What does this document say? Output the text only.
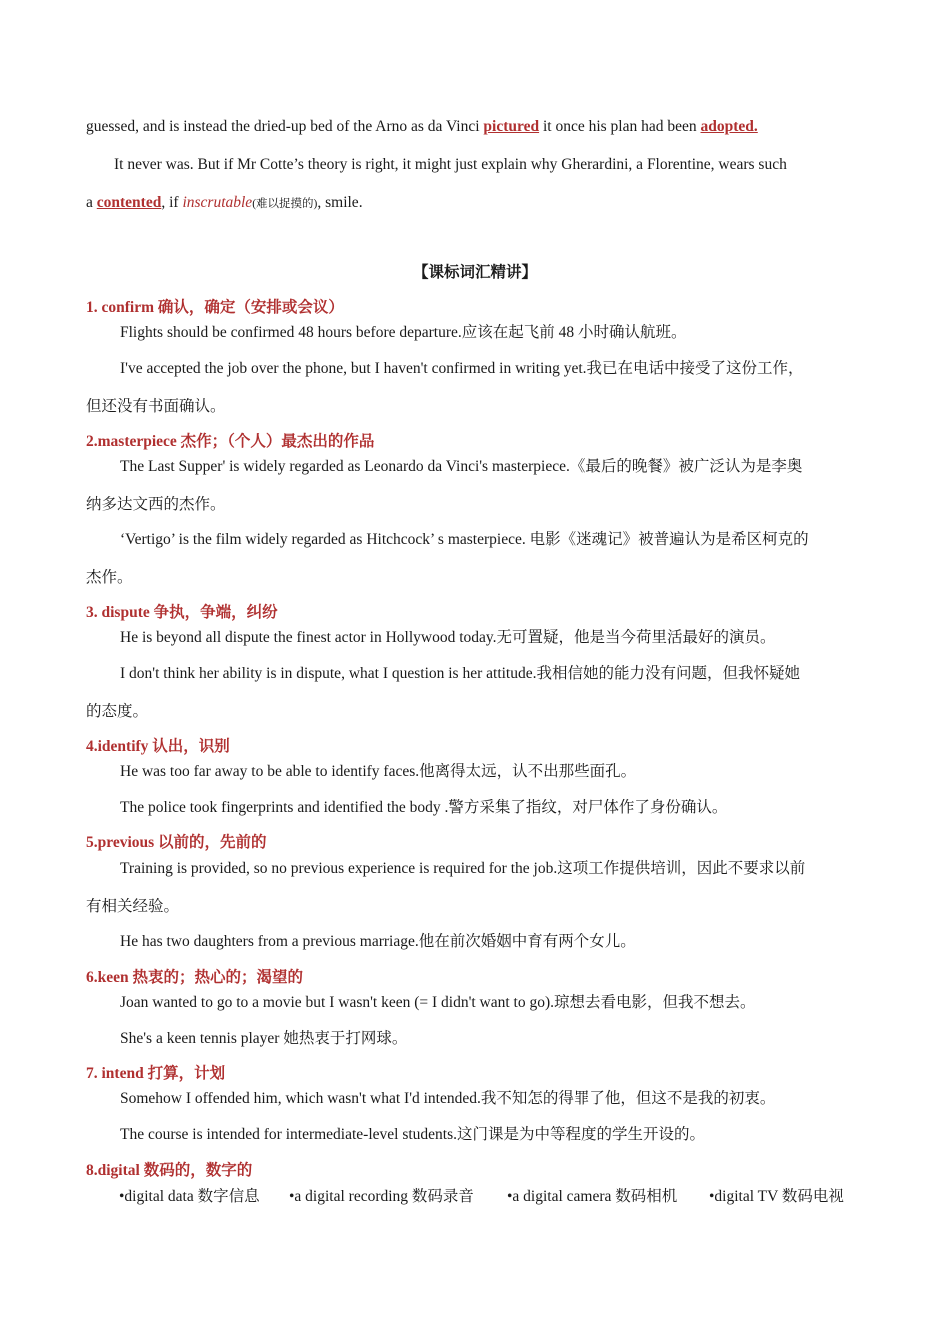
guessed, and is instead the dried-up bed of the Arno as da Vinci pictured it once his plan had been adopted.

It never was. But if Mr Cotte’s theory is right, it might just explain why Gherardini, a Florentine, wears such

a contented, if inscrutable(难以捉摸的), smile.

【课标词汇精讲】
1. confirm 确认，确定（安排或会议）
Flights should be confirmed 48 hours before departure.应该在起飞前 48 小时确认航班。
I've accepted the job over the phone, but I haven't confirmed in writing yet.我已在电话中接受了这份工作，
但还没有书面确认。
2.masterpiece 杰作；（个人）最杰出的作品
The Last Supper' is widely regarded as Leonardo da Vinci's masterpiece.《最后的晚餐》被广泛认为是李奥
纳多达文西的杰作。
‘Vertigo’ is the film widely regarded as Hitchcock’ s masterpiece. 电影《迷魂记》被普遍认为是希区柯克的
杰作。
3. dispute 争执，争端，纠纷
He is beyond all dispute the finest actor in Hollywood today.无可置疑，他是当今荷里活最好的演员。
I don't think her ability is in dispute, what I question is her attitude.我相信她的能力没有问题，但我怀疑她
的态度。
4.identify 认出，识别
He was too far away to be able to identify faces.他离得太远，认不出那些面孔。
The police took fingerprints and identified the body .警方采集了指纹，对尸体作了身份确认。
5.previous 以前的，先前的
Training is provided, so no previous experience is required for the job.这项工作提供培训，因此不要求以前
有相关经验。
He has two daughters from a previous marriage.他在前次婚姻中育有两个女儿。
6.keen 热衷的；热心的；渴望的
Joan wanted to go to a movie but I wasn't keen (= I didn't want to go).琼想去看电影，但我不想去。
She's a keen tennis player 她热衷于打网球。
7. intend 打算，计划
Somehow I offended him, which wasn't what I'd intended.我不知怎的得罪了他，但这不是我的初衷。
The course is intended for intermediate-level students.这门课是为中等程度的学生开设的。
8.digital 数码的，数字的
•digital data 数字信息 •a digital recording 数码录音 •a digital camera 数码相机 •digital TV 数码电视
